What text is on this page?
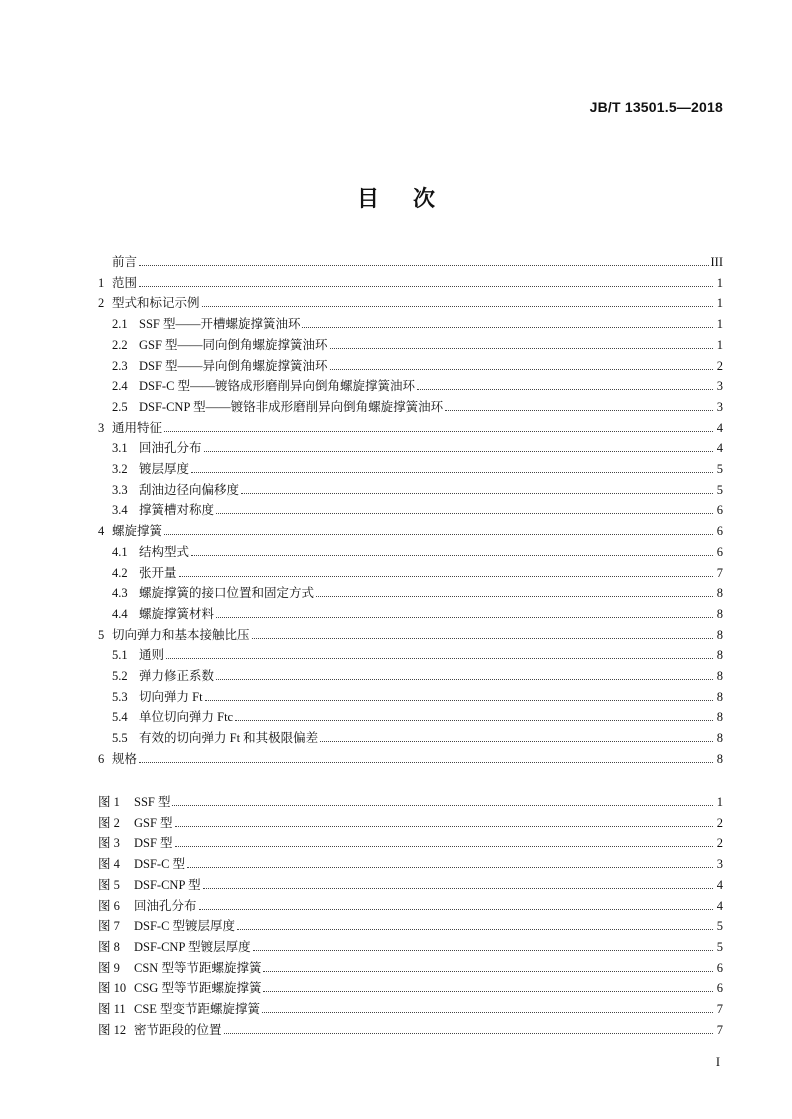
JB/T 13501.5—2018
目 次
前言	III
1 范围	1
2 型式和标记示例	1
2.1 SSF 型——开槽螺旋撑簧油环	1
2.2 GSF 型——同向倒角螺旋撑簧油环	1
2.3 DSF 型——异向倒角螺旋撑簧油环	2
2.4 DSF-C 型——镀铬成形磨削异向倒角螺旋撑簧油环	3
2.5 DSF-CNP 型——镀铬非成形磨削异向倒角螺旋撑簧油环	3
3 通用特征	4
3.1 回油孔分布	4
3.2 镀层厚度	5
3.3 刮油边径向偏移度	5
3.4 撑簧槽对称度	6
4 螺旋撑簧	6
4.1 结构型式	6
4.2 张开量	7
4.3 螺旋撑簧的接口位置和固定方式	8
4.4 螺旋撑簧材料	8
5 切向弹力和基本接触比压	8
5.1 通则	8
5.2 弹力修正系数	8
5.3 切向弹力 Ft	8
5.4 单位切向弹力 Ftc	8
5.5 有效的切向弹力 Ft 和其极限偏差	8
6 规格	8
图 1	SSF 型	1
图 2	GSF 型	2
图 3	DSF 型	2
图 4	DSF-C 型	3
图 5	DSF-CNP 型	4
图 6	回油孔分布	4
图 7	DSF-C 型镀层厚度	5
图 8	DSF-CNP 型镀层厚度	5
图 9	CSN 型等节距螺旋撑簧	6
图 10 CSG 型等节距螺旋撑簧	6
图 11 CSE 型变节距螺旋撑簧	7
图 12 密节距段的位置	7
I
